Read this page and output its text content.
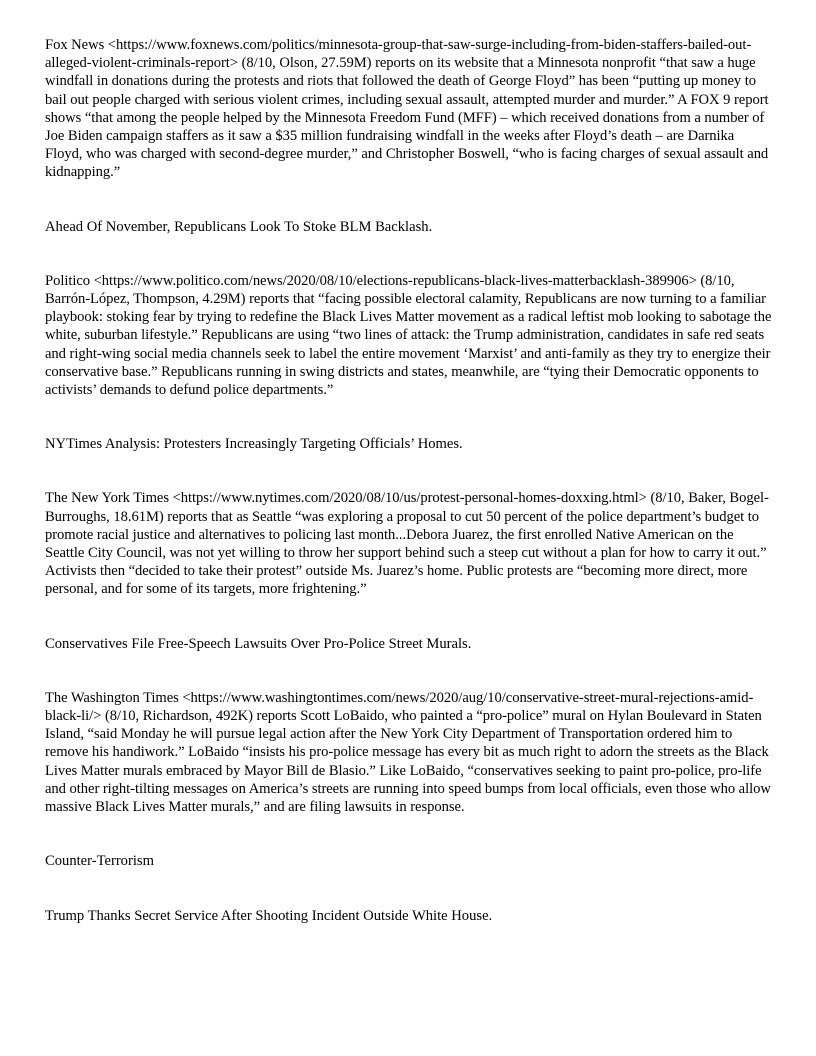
Fox News <https://www.foxnews.com/politics/minnesota-group-that-saw-surge-including-from-biden-staffers-bailed-out-alleged-violent-criminals-report> (8/10, Olson, 27.59M) reports on its website that a Minnesota nonprofit “that saw a huge windfall in donations during the protests and riots that followed the death of George Floyd” has been “putting up money to bail out people charged with serious violent crimes, including sexual assault, attempted murder and murder.” A FOX 9 report shows “that among the people helped by the Minnesota Freedom Fund (MFF) – which received donations from a number of Joe Biden campaign staffers as it saw a $35 million fundraising windfall in the weeks after Floyd’s death – are Darnika Floyd, who was charged with second-degree murder,” and Christopher Boswell, “who is facing charges of sexual assault and kidnapping.”

Ahead Of November, Republicans Look To Stoke BLM Backlash.

Politico <https://www.politico.com/news/2020/08/10/elections-republicans-black-lives-matterbacklash-389906> (8/10, Barrón-López, Thompson, 4.29M) reports that “facing possible electoral calamity, Republicans are now turning to a familiar playbook: stoking fear by trying to redefine the Black Lives Matter movement as a radical leftist mob looking to sabotage the white, suburban lifestyle.” Republicans are using “two lines of attack: the Trump administration, candidates in safe red seats and right-wing social media channels seek to label the entire movement ‘Marxist’ and anti-family as they try to energize their conservative base.” Republicans running in swing districts and states, meanwhile, are “tying their Democratic opponents to activists’ demands to defund police departments.”

NYTimes Analysis: Protesters Increasingly Targeting Officials’ Homes.

The New York Times <https://www.nytimes.com/2020/08/10/us/protest-personal-homes-doxxing.html> (8/10, Baker, Bogel-Burroughs, 18.61M) reports that as Seattle “was exploring a proposal to cut 50 percent of the police department’s budget to promote racial justice and alternatives to policing last month...Debora Juarez, the first enrolled Native American on the Seattle City Council, was not yet willing to throw her support behind such a steep cut without a plan for how to carry it out.” Activists then “decided to take their protest” outside Ms. Juarez’s home. Public protests are “becoming more direct, more personal, and for some of its targets, more frightening.”

Conservatives File Free-Speech Lawsuits Over Pro-Police Street Murals.

The Washington Times <https://www.washingtontimes.com/news/2020/aug/10/conservative-street-mural-rejections-amid-black-li/> (8/10, Richardson, 492K) reports Scott LoBaido, who painted a “pro-police” mural on Hylan Boulevard in Staten Island, “said Monday he will pursue legal action after the New York City Department of Transportation ordered him to remove his handiwork.” LoBaido “insists his pro-police message has every bit as much right to adorn the streets as the Black Lives Matter murals embraced by Mayor Bill de Blasio.” Like LoBaido, “conservatives seeking to paint pro-police, pro-life and other right-tilting messages on America’s streets are running into speed bumps from local officials, even those who allow massive Black Lives Matter murals,” and are filing lawsuits in response.

Counter-Terrorism

Trump Thanks Secret Service After Shooting Incident Outside White House.
